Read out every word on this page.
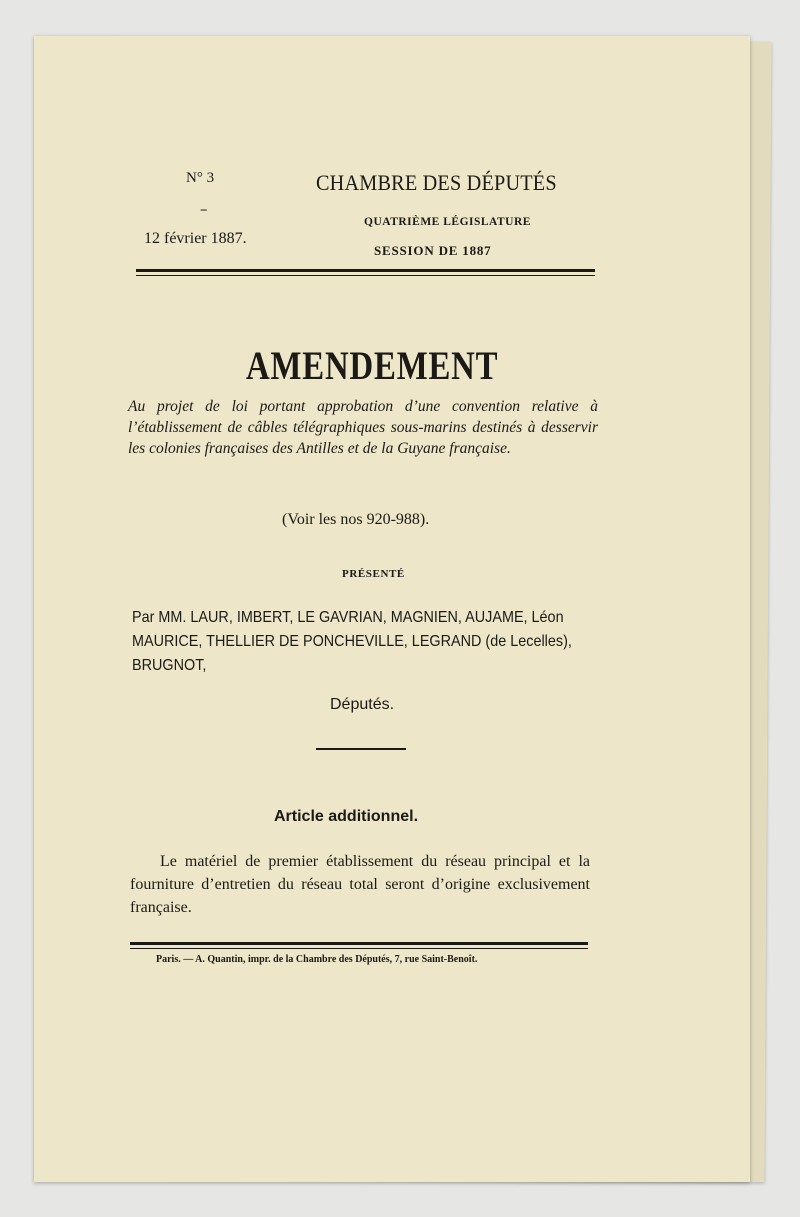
N° 3
–
12 février 1887.
CHAMBRE DES DÉPUTÉS
QUATRIÈME LÉGISLATURE
SESSION DE 1887
AMENDEMENT
Au projet de loi portant approbation d’une convention relative à l’établissement de câbles télégraphiques sous-marins destinés à desservir les colonies françaises des Antilles et de la Guyane française.
(Voir les nos 920-988).
PRÉSENTÉ
Par MM. LAUR, IMBERT, LE GAVRIAN, MAGNIEN, AUJAME, Léon MAURICE, THELLIER DE PONCHEVILLE, LEGRAND (de Lecelles), BRUGNOT,
Députés.
Article additionnel.
Le matériel de premier établissement du réseau principal et la fourniture d’entretien du réseau total seront d’origine exclusivement française.
Paris. — A. Quantin, impr. de la Chambre des Députés, 7, rue Saint-Benoît.
